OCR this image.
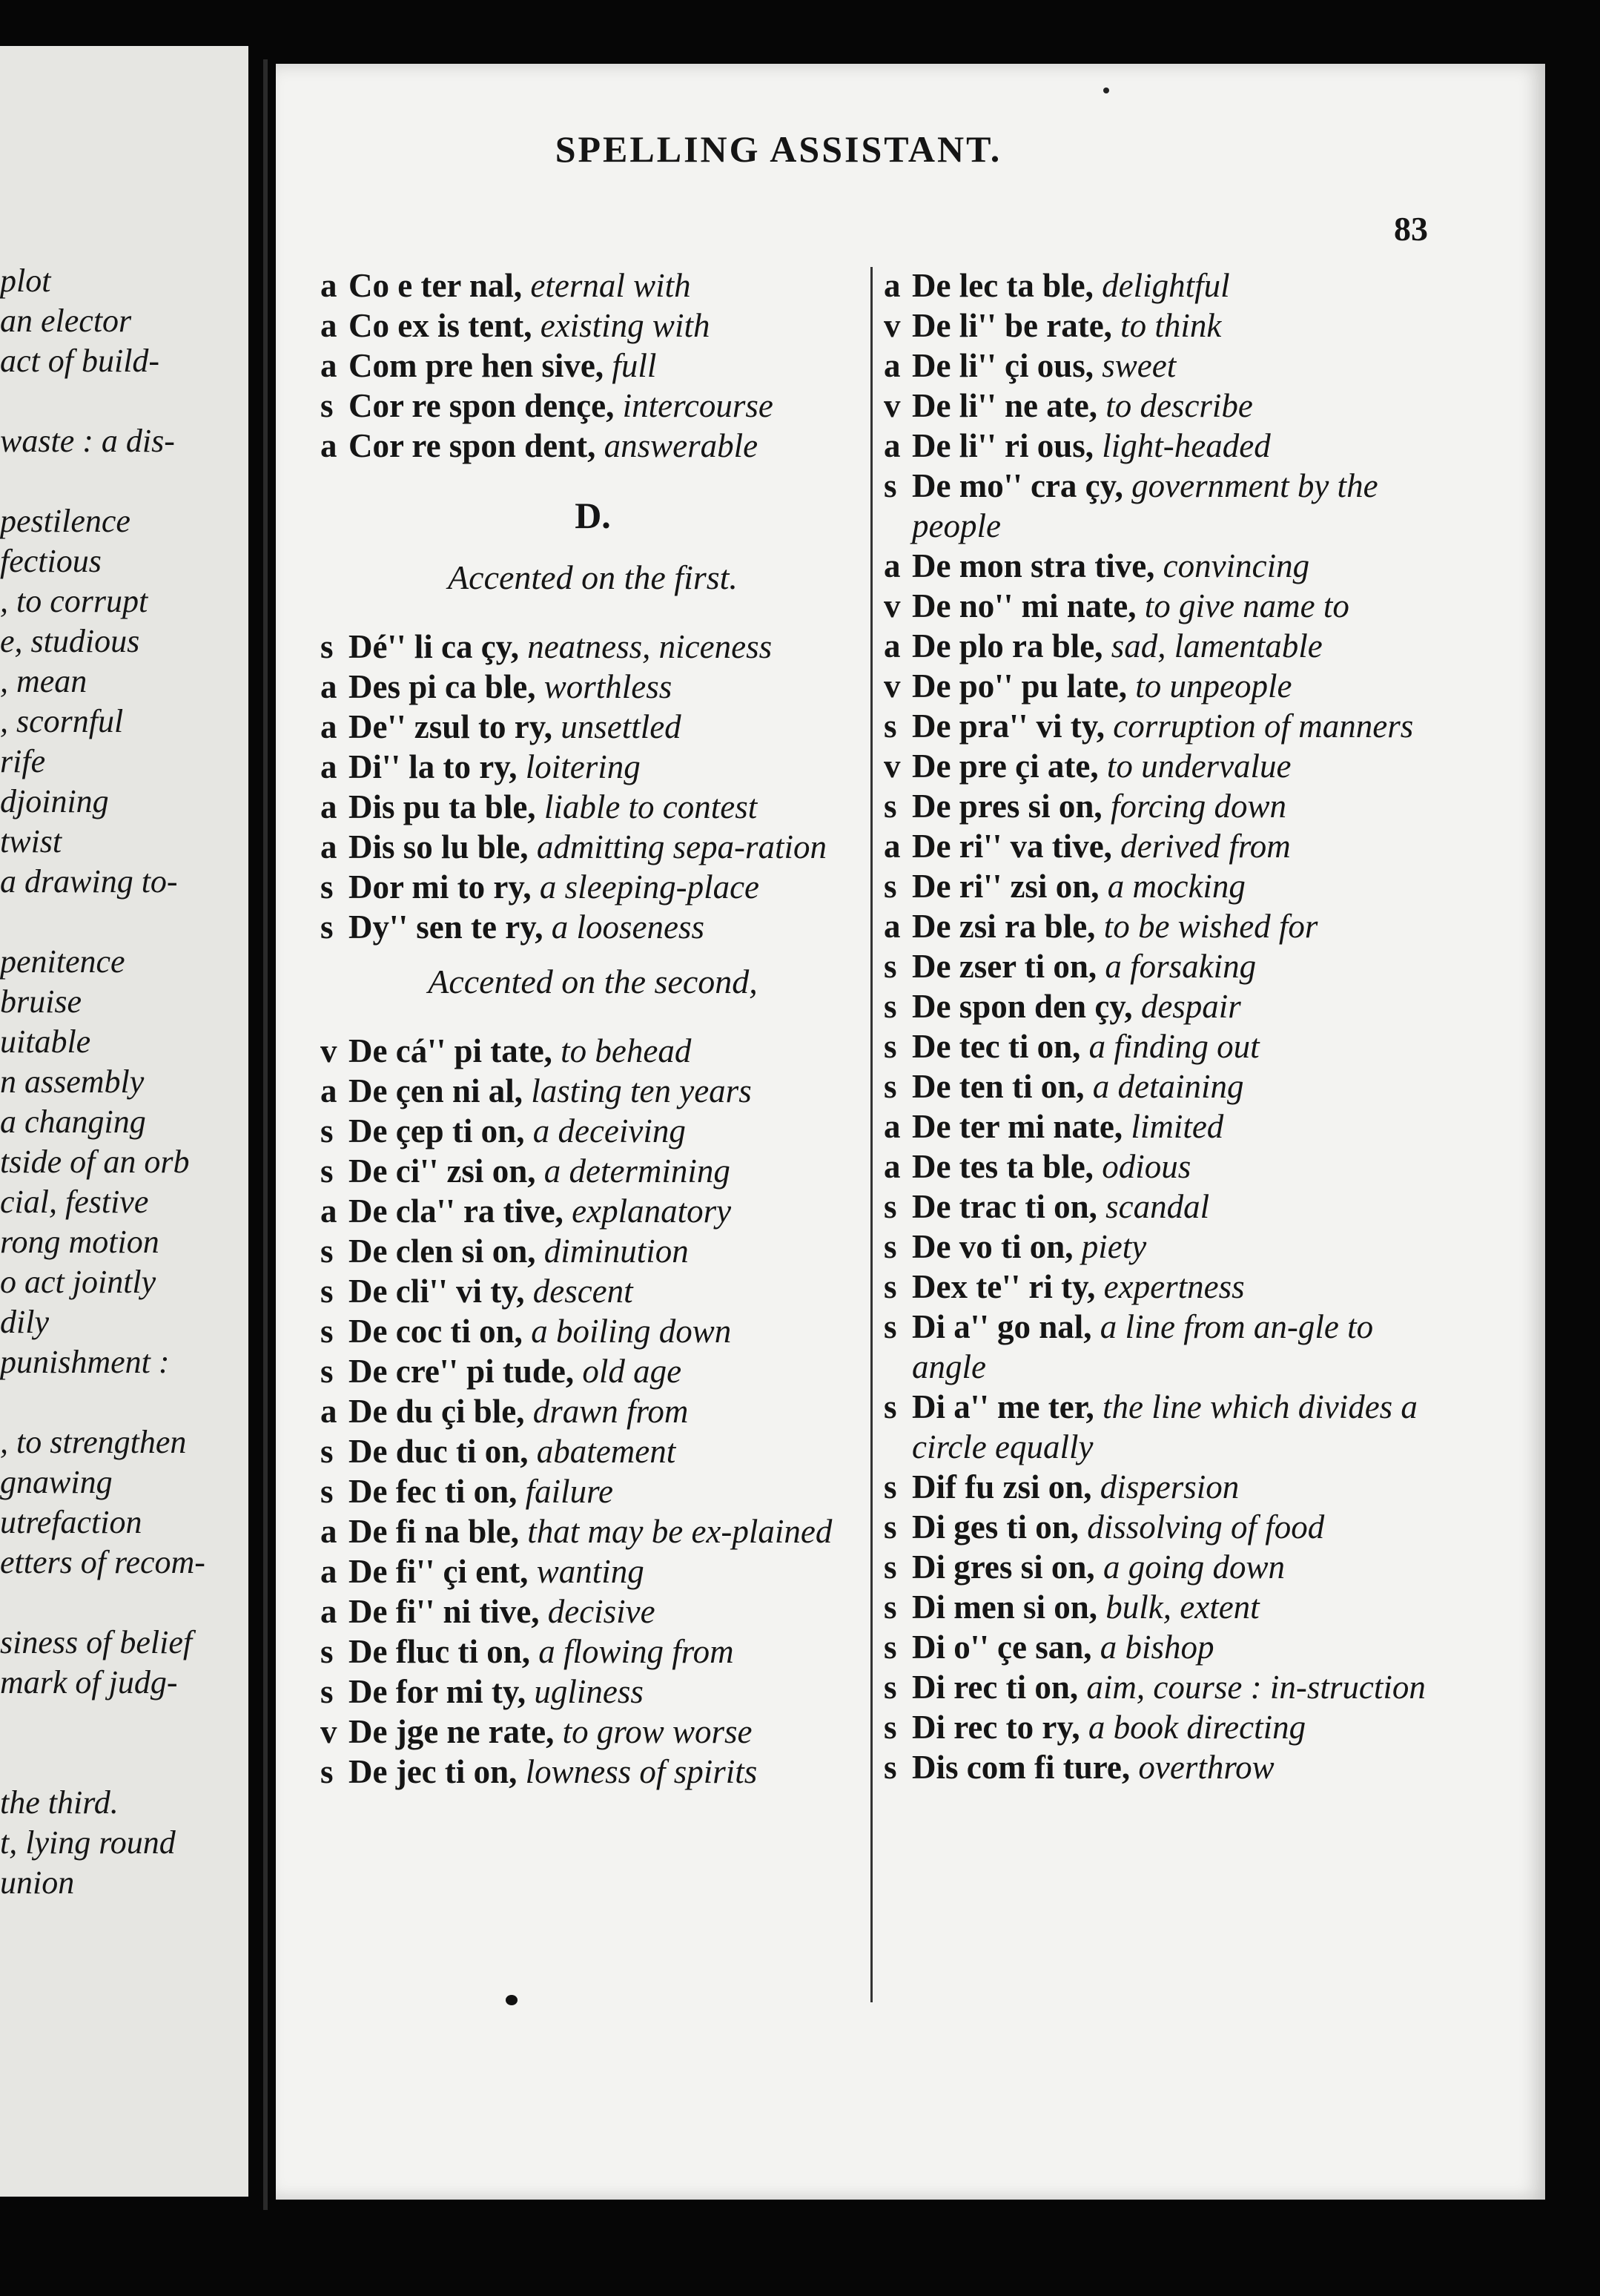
plot
an elector
act of build-
waste : a dis-
pestilence
fectious
, to corrupt
e, studious
, mean
, scornful
rife
djoining
twist
a drawing to-
penitence
bruise
uitable
n assembly
a changing
tside of an orb
cial, festive
rong motion
o act jointly
dily
punishment :
, to strengthen
gnawing
utrefaction
etters of recom-
siness of belief
mark of judg-
the third.
t, lying round
union
SPELLING ASSISTANT.
83
a Co e ter nal, eternal with
a Co ex is tent, existing with
a Com pre hen sive, full
s Cor re spon dençe, intercourse
a Cor re spon dent, answerable
D.
Accented on the first.
s Dé'' li ca çy, neatness, niceness
a Des pi ca ble, worthless
a De'' zsul to ry, unsettled
a Di'' la to ry, loitering
a Dis pu ta ble, liable to contest
a Dis so lu ble, admitting sepa-ration
s Dor mi to ry, a sleeping-place
s Dy'' sen te ry, a looseness
Accented on the second,
v De cá'' pi tate, to behead
a De çen ni al, lasting ten years
s De çep ti on, a deceiving
s De ci'' zsi on, a determining
a De cla'' ra tive, explanatory
s De clen si on, diminution
s De cli'' vi ty, descent
s De coc ti on, a boiling down
s De cre'' pi tude, old age
a De du çi ble, drawn from
s De duc ti on, abatement
s De fec ti on, failure
a De fi na ble, that may be ex-plained
a De fi'' çi ent, wanting
a De fi'' ni tive, decisive
s De fluc ti on, a flowing from
s De for mi ty, ugliness
v De jge ne rate, to grow worse
s De jec ti on, lowness of spirits
a De lec ta ble, delightful
v De li'' be rate, to think
a De li'' çi ous, sweet
v De li'' ne ate, to describe
a De li'' ri ous, light-headed
s De mo'' cra çy, government by the people
a De mon stra tive, convincing
v De no'' mi nate, to give name to
a De plo ra ble, sad, lamentable
v De po'' pu late, to unpeople
s De pra'' vi ty, corruption of manners
v De pre çi ate, to undervalue
s De pres si on, forcing down
a De ri'' va tive, derived from
s De ri'' zsi on, a mocking
a De zsi ra ble, to be wished for
s De zser ti on, a forsaking
s De spon den çy, despair
s De tec ti on, a finding out
s De ten ti on, a detaining
a De ter mi nate, limited
a De tes ta ble, odious
s De trac ti on, scandal
s De vo ti on, piety
s Dex te'' ri ty, expertness
s Di a'' go nal, a line from an-gle to angle
s Di a'' me ter, the line which divides a circle equally
s Dif fu zsi on, dispersion
s Di ges ti on, dissolving of food
s Di gres si on, a going down
s Di men si on, bulk, extent
s Di o'' çe san, a bishop
s Di rec ti on, aim, course : in-struction
s Di rec to ry, a book directing
s Dis com fi ture, overthrow
